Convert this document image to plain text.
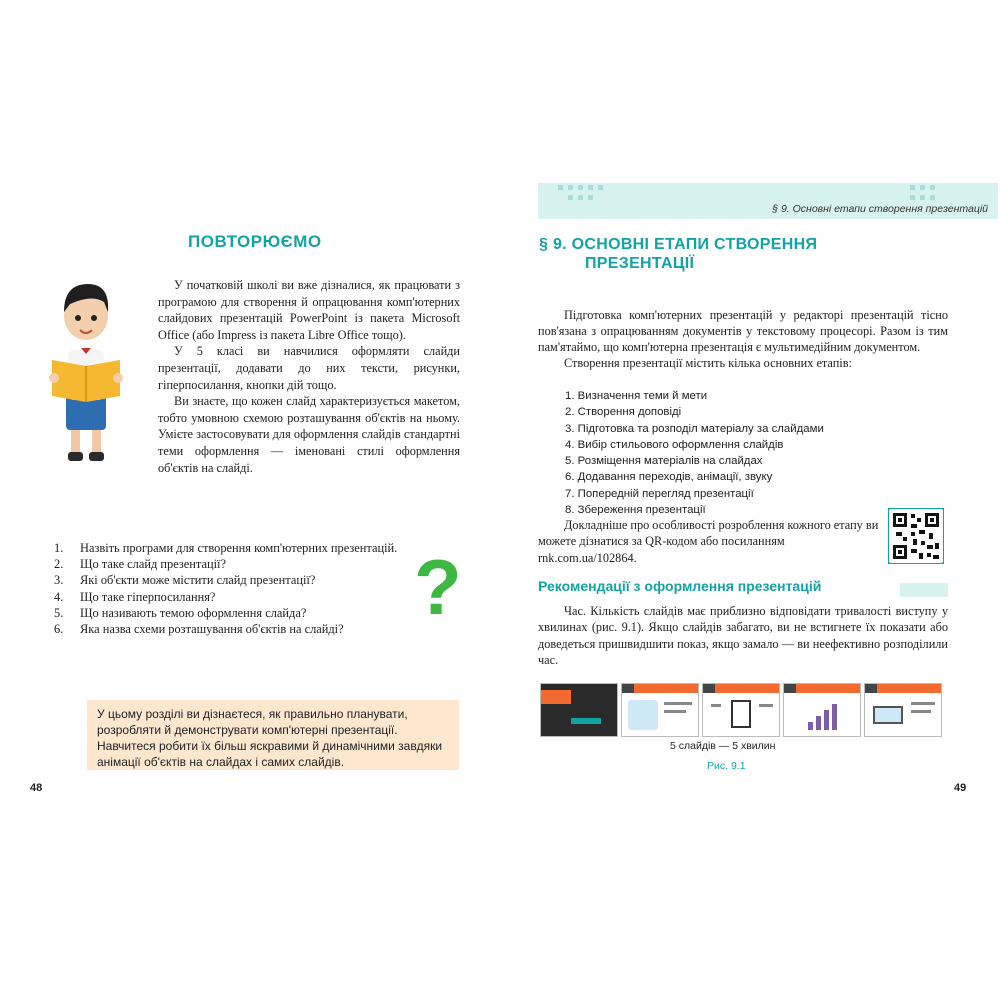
ПОВТОРЮЄМО

У початковій школі ви вже дізналися, як працювати з програмою для створення й опрацювання комп'ютерних слайдових презентацій PowerPoint із пакета Microsoft Office (або Impress із пакета Libre Office тощо).

У 5 класі ви навчилися оформляти слайди презентації, додавати до них тексти, рисунки, гіперпосилання, кнопки дій тощо.

Ви знаєте, що кожен слайд характеризується макетом, тобто умовною схемою розташування об'єктів на ньому. Умієте застосовувати для оформлення слайдів стандартні теми оформлення — іменовані стилі оформлення об'єктів на слайді.

1.	Назвіть програми для створення комп'ютерних презентацій.
2.	Що таке слайд презентації?
3.	Які об'єкти може містити слайд презентації?
4.	Що таке гіперпосилання?
5.	Що називають темою оформлення слайда?
6.	Яка назва схеми розташування об'єктів на слайді? ?
У цьому розділі ви дізнаєтеся, як правильно планувати, розробляти й демонструвати комп'ютерні презентації. Навчитеся робити їх більш яскравими й динамічними завдяки анімації об'єктів на слайдах і самих слайдів.
48
§ 9. Основні етапи створення презентацій
§ 9. ОСНОВНІ ЕТАПИ СТВОРЕННЯ
ПРЕЗЕНТАЦІЇ

Підготовка комп'ютерних презентацій у редакторі презентацій тісно пов'язана з опрацюванням документів у текстовому процесорі. Разом із тим пам'ятаймо, що комп'ютерна презентація є мультимедійним документом.

Створення презентації містить кілька основних етапів:

1. Визначення теми й мети
2. Створення доповіді
3. Підготовка та розподіл матеріалу за слайдами
4. Вибір стильового оформлення слайдів
5. Розміщення матеріалів на слайдах
6. Додавання переходів, анімації, звуку
7. Попередній перегляд презентації
8. Збереження презентації
Докладніше про особливості розроблення кожного етапу ви можете дізнатися за QR-кодом або посиланням rnk.com.ua/102864.
Рекомендації з оформлення презентацій
Час. Кількість слайдів має приблизно відповідати тривалості виступу у хвилинах (рис. 9.1). Якщо слайдів забагато, ви не встигнете їх показати або доведеться пришвидшити показ, якщо замало — ви неефективно розподілили час.
5 слайдів — 5 хвилин
Рис. 9.1
49
